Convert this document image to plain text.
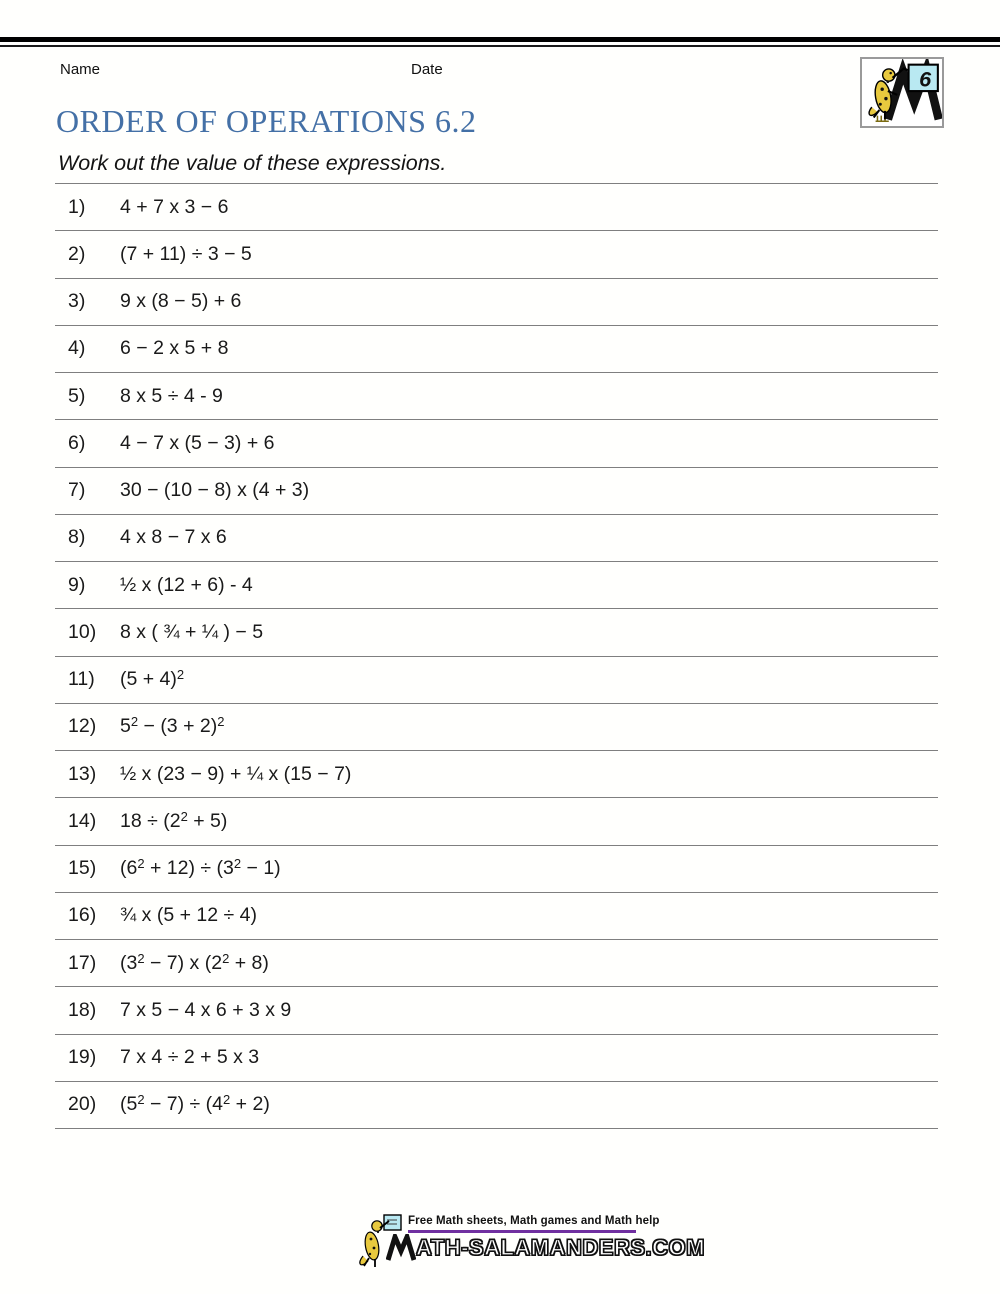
Name	Date	6
ORDER OF OPERATIONS 6.2
Work out the value of these expressions.
1)	4 + 7 x 3 − 6
2)	(7 + 11) ÷ 3 − 5
3)	9 x (8 − 5) + 6
4)	6 − 2 x 5 + 8
5)	8 x 5 ÷ 4 - 9
6)	4 − 7 x (5 − 3) + 6
7)	30 − (10 − 8) x (4 + 3)
8)	4 x 8 − 7 x 6
9)	½ x (12 + 6) - 4
10)	8 x ( ¾ + ¼ ) − 5
11)	$(5 + 4)^2$
12)	$5^2 - (3 + 2)^2$
13)	½ x (23 − 9) + ¼ x (15 − 7)
14)	$18 \div (2^2 + 5)$
15)	$(6^2 + 12) \div (3^2 - 1)$
16)	¾ x (5 + 12 ÷ 4)
17)	$(3^2 - 7)$ x $(2^2 + 8)$
18)	7 x 5 − 4 x 6 + 3 x 9
19)	7 x 4 ÷ 2 + 5 x 3
20)	$(5^2 - 7) \div (4^2 + 2)$
Free Math sheets, Math games and Math help
ATH-SALAMANDERS.COM
